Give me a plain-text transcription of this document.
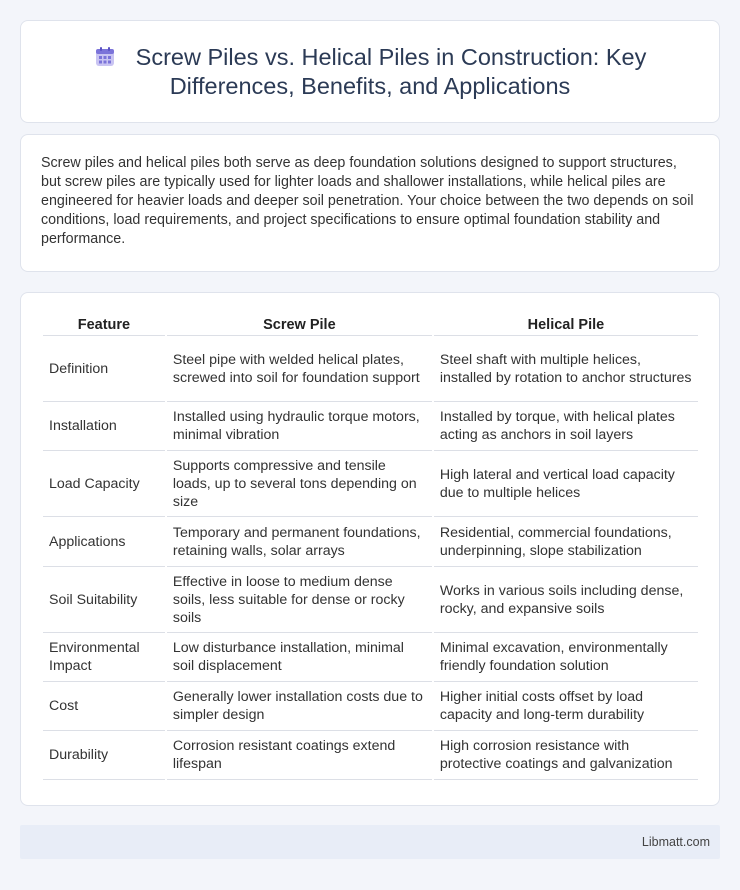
Screw Piles vs. Helical Piles in Construction: Key Differences, Benefits, and Applications

Screw piles and helical piles both serve as deep foundation solutions designed to support structures, but screw piles are typically used for lighter loads and shallower installations, while helical piles are engineered for heavier loads and deeper soil penetration. Your choice between the two depends on soil conditions, load requirements, and project specifications to ensure optimal foundation stability and performance.

Feature	Screw Pile	Helical Pile
Definition	Steel pipe with welded helical plates, screwed into soil for foundation support	Steel shaft with multiple helices, installed by rotation to anchor structures
Installation	Installed using hydraulic torque motors, minimal vibration	Installed by torque, with helical plates acting as anchors in soil layers
Load Capacity	Supports compressive and tensile loads, up to several tons depending on size	High lateral and vertical load capacity due to multiple helices
Applications	Temporary and permanent foundations, retaining walls, solar arrays	Residential, commercial foundations, underpinning, slope stabilization
Soil Suitability	Effective in loose to medium dense soils, less suitable for dense or rocky soils	Works in various soils including dense, rocky, and expansive soils
Environmental Impact	Low disturbance installation, minimal soil displacement	Minimal excavation, environmentally friendly foundation solution
Cost	Generally lower installation costs due to simpler design	Higher initial costs offset by load capacity and long-term durability
Durability	Corrosion resistant coatings extend lifespan	High corrosion resistance with protective coatings and galvanization
Libmatt.com
